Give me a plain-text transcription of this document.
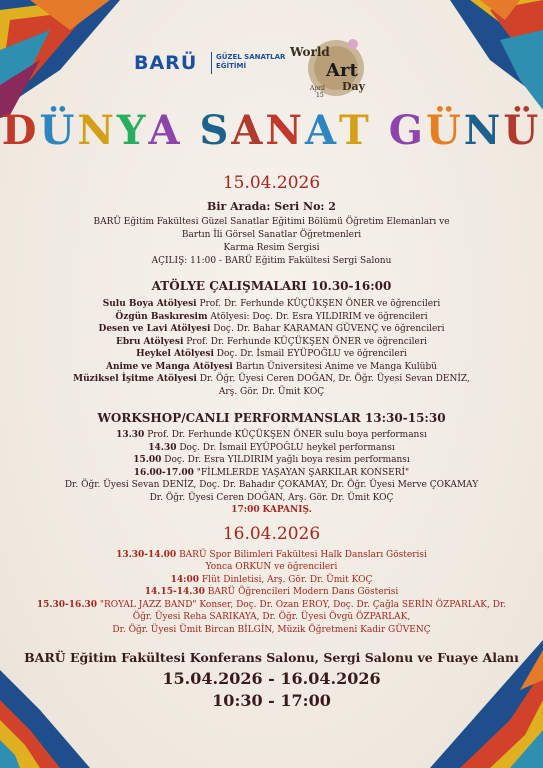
BARÜ	GÜZEL SANATLAR
EĞİTİMİ
World
Art
Day
April
15
DÜNYA SANAT GÜNÜ
15.04.2026
Bir Arada: Seri No: 2
BARÜ Eğitim Fakültesi Güzel Sanatlar Eğitimi Bölümü Öğretim Elemanları ve
Bartın İli Görsel Sanatlar Öğretmenleri
Karma Resim Sergisi
AÇILIŞ: 11:00 - BARÜ Eğitim Fakültesi Sergi Salonu
ATÖLYE ÇALIŞMALARI 10.30-16:00
Sulu Boya Atölyesi Prof. Dr. Ferhunde KÜÇÜKŞEN ÖNER ve öğrencileri
Özgün Baskıresim Atölyesi: Doç. Dr. Esra YILDIRIM ve öğrencileri
Desen ve Lavi Atölyesi Doç. Dr. Bahar KARAMAN GÜVENÇ ve öğrencileri
Ebru Atölyesi Prof. Dr. Ferhunde KÜÇÜKŞEN ÖNER ve öğrencileri
Heykel Atölyesi Doç. Dr. İsmail EYÜPOĞLU ve öğrencileri
Anime ve Manga Atölyesi Bartın Üniversitesi Anime ve Manga Kulübü
Müziksel İşitme Atölyesi Dr. Öğr. Üyesi Ceren DOĞAN, Dr. Öğr. Üyesi Sevan DENİZ,
Arş. Gör. Dr. Ümit KOÇ
WORKSHOP/CANLI PERFORMANSLAR 13:30-15:30
13.30 Prof. Dr. Ferhunde KÜÇÜKŞEN ÖNER sulu boya performansı
14.30 Doç. Dr. İsmail EYÜPOĞLU heykel performansı
15.00 Doç. Dr. Esra YILDIRIM yağlı boya resim performansı
16.00-17.00 "FİLMLERDE YAŞAYAN ŞARKILAR KONSERİ"
Dr. Öğr. Üyesi Sevan DENİZ, Doç. Dr. Bahadır ÇOKAMAY, Dr. Öğr. Üyesi Merve ÇOKAMAY
Dr. Öğr. Üyesi Ceren DOĞAN, Arş. Gör. Dr. Ümit KOÇ
17:00 KAPANIŞ.
16.04.2026
13.30-14.00 BARÜ Spor Bilimleri Fakültesi Halk Dansları Gösterisi
Yonca ORKUN ve öğrencileri
14:00 Flüt Dinletisi, Arş. Gör. Dr. Ümit KOÇ
14.15-14.30 BARÜ Öğrencileri Modern Dans Gösterisi
15.30-16.30 "ROYAL JAZZ BAND" Konser, Doç. Dr. Ozan EROY, Doç. Dr. Çağla SERİN ÖZPARLAK, Dr.
Öğr. Üyesi Reha SARIKAYA, Dr. Öğr. Üyesi Övgü ÖZPARLAK,
Dr. Öğr. Üyesi Ümit Bircan BİLGİN, Müzik Öğretmeni Kadir GÜVENÇ
BARÜ Eğitim Fakültesi Konferans Salonu, Sergi Salonu ve Fuaye Alanı
15.04.2026 - 16.04.2026
10:30 - 17:00
